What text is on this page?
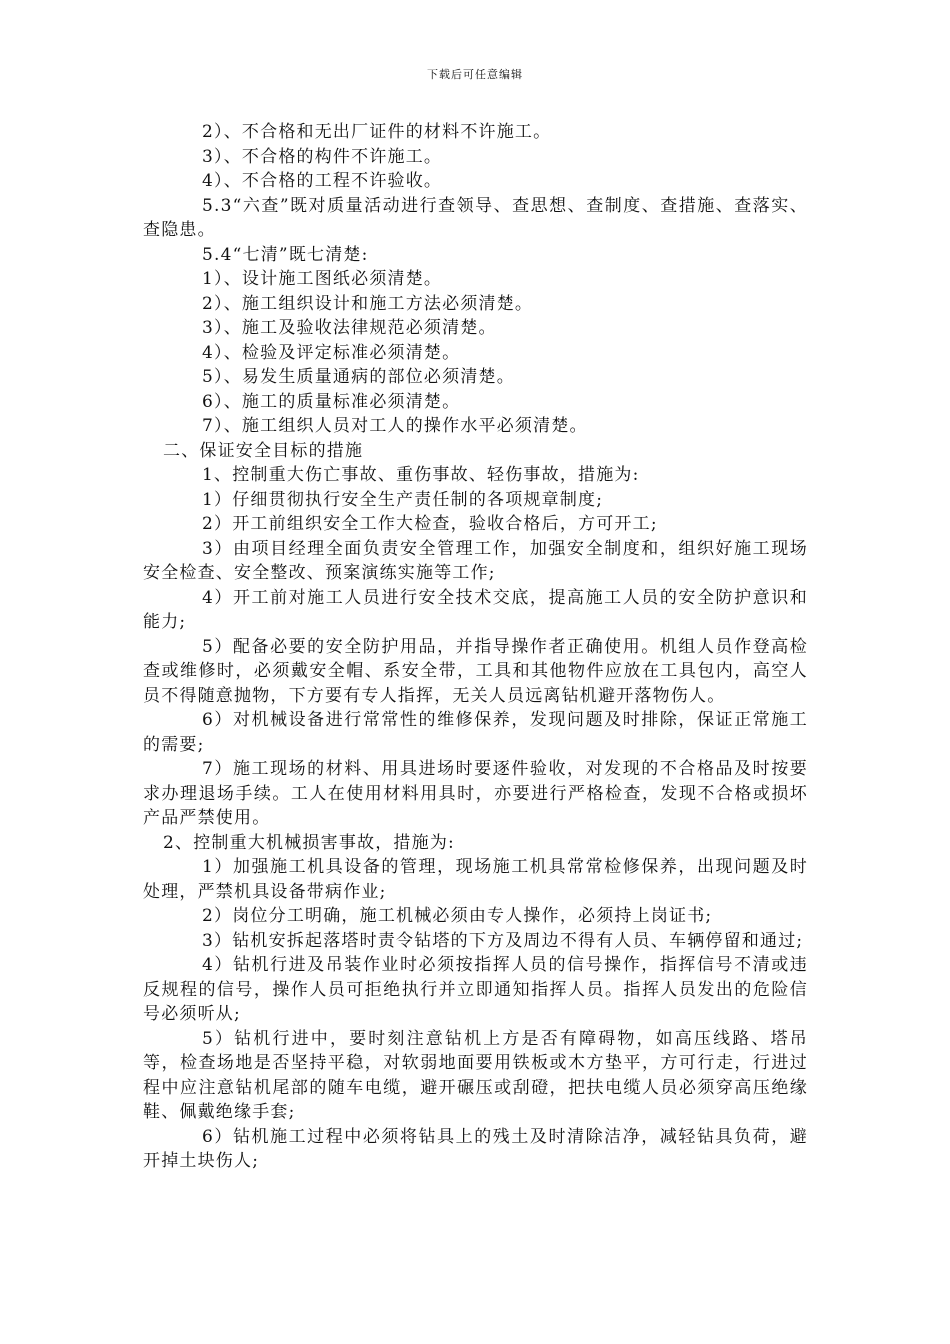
下载后可任意编辑

2）、不合格和无出厂证件的材料不许施工。

3）、不合格的构件不许施工。

4）、不合格的工程不许验收。

5.3“六查”既对质量活动进行查领导、查思想、查制度、查措施、查落实、查隐患。

5.4“七清”既七清楚:

1）、设计施工图纸必须清楚。

2）、施工组织设计和施工方法必须清楚。

3）、施工及验收法律规范必须清楚。

4）、检验及评定标准必须清楚。

5）、易发生质量通病的部位必须清楚。

6）、施工的质量标准必须清楚。

7）、施工组织人员对工人的操作水平必须清楚。

二、保证安全目标的措施

1、控制重大伤亡事故、重伤事故、轻伤事故，措施为:

1）仔细贯彻执行安全生产责任制的各项规章制度;

2）开工前组织安全工作大检查，验收合格后，方可开工;

3）由项目经理全面负责安全管理工作，加强安全制度和，组织好施工现场安全检查、安全整改、预案演练实施等工作;

4）开工前对施工人员进行安全技术交底，提高施工人员的安全防护意识和能力;

5）配备必要的安全防护用品，并指导操作者正确使用。机组人员作登高检查或维修时，必须戴安全帽、系安全带，工具和其他物件应放在工具包内，高空人员不得随意抛物，下方要有专人指挥，无关人员远离钻机避开落物伤人。

6）对机械设备进行常常性的维修保养，发现问题及时排除，保证正常施工的需要;

7）施工现场的材料、用具进场时要逐件验收，对发现的不合格品及时按要求办理退场手续。工人在使用材料用具时，亦要进行严格检查，发现不合格或损坏产品严禁使用。

2、控制重大机械损害事故，措施为:

1）加强施工机具设备的管理，现场施工机具常常检修保养，出现问题及时处理，严禁机具设备带病作业;

2）岗位分工明确，施工机械必须由专人操作，必须持上岗证书;

3）钻机安拆起落塔时责令钻塔的下方及周边不得有人员、车辆停留和通过;

4）钻机行进及吊装作业时必须按指挥人员的信号操作，指挥信号不清或违反规程的信号，操作人员可拒绝执行并立即通知指挥人员。指挥人员发出的危险信号必须听从;

5）钻机行进中，要时刻注意钻机上方是否有障碍物，如高压线路、塔吊等，检查场地是否坚持平稳，对软弱地面要用铁板或木方垫平，方可行走，行进过程中应注意钻机尾部的随车电缆，避开碾压或刮磴，把扶电缆人员必须穿高压绝缘鞋、佩戴绝缘手套;

6）钻机施工过程中必须将钻具上的残土及时清除洁净，减轻钻具负荷，避开掉土块伤人;
